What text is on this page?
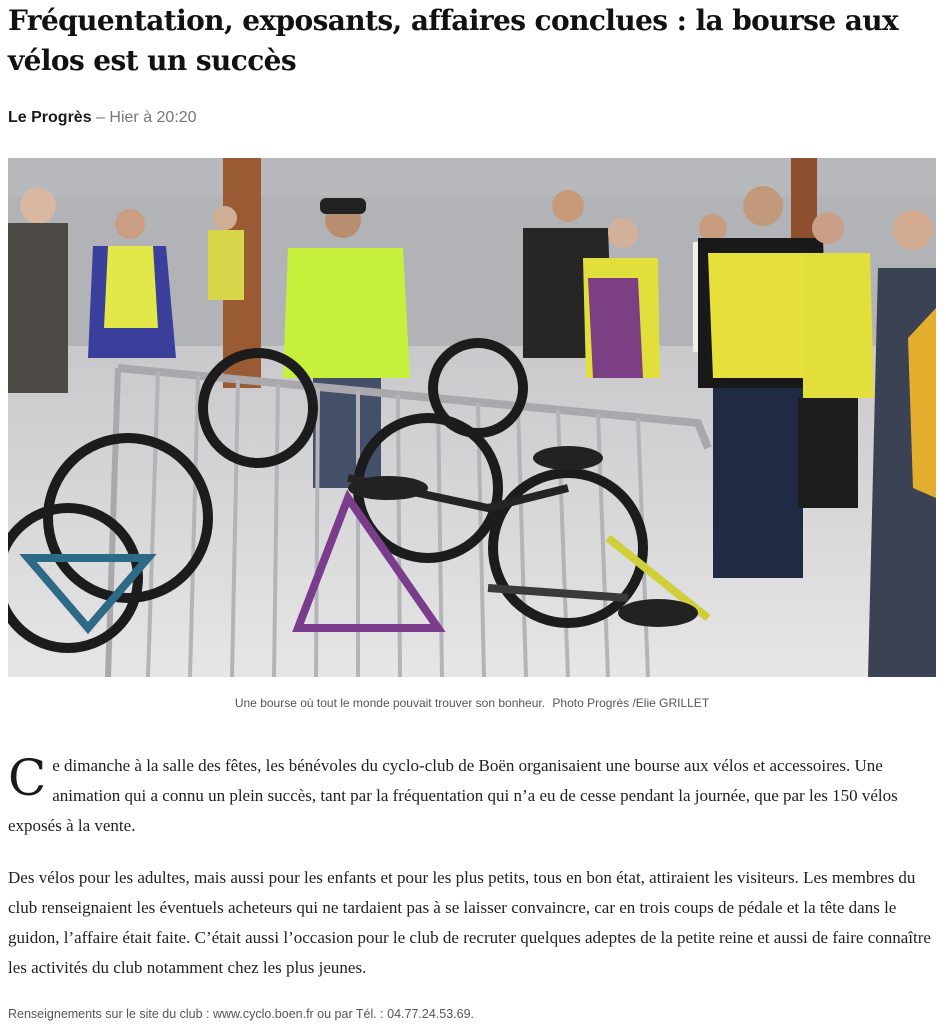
Fréquentation, exposants, affaires conclues : la bourse aux vélos est un succès
Le Progrès – Hier à 20:20
Une bourse où tout le monde pouvait trouver son bonheur. Photo Progrès /Elie GRILLET

Ce dimanche à la salle des fêtes, les bénévoles du cyclo-club de Boën organisaient une bourse aux vélos et accessoires. Une animation qui a connu un plein succès, tant par la fréquentation qui n’a eu de cesse pendant la journée, que par les 150 vélos exposés à la vente.

Des vélos pour les adultes, mais aussi pour les enfants et pour les plus petits, tous en bon état, attiraient les visiteurs. Les membres du club renseignaient les éventuels acheteurs qui ne tardaient pas à se laisser convaincre, car en trois coups de pédale et la tête dans le guidon, l’affaire était faite. C’était aussi l’occasion pour le club de recruter quelques adeptes de la petite reine et aussi de faire connaître les activités du club notamment chez les plus jeunes.

Renseignements sur le site du club : www.cyclo.boen.fr ou par Tél. : 04.77.24.53.69.
